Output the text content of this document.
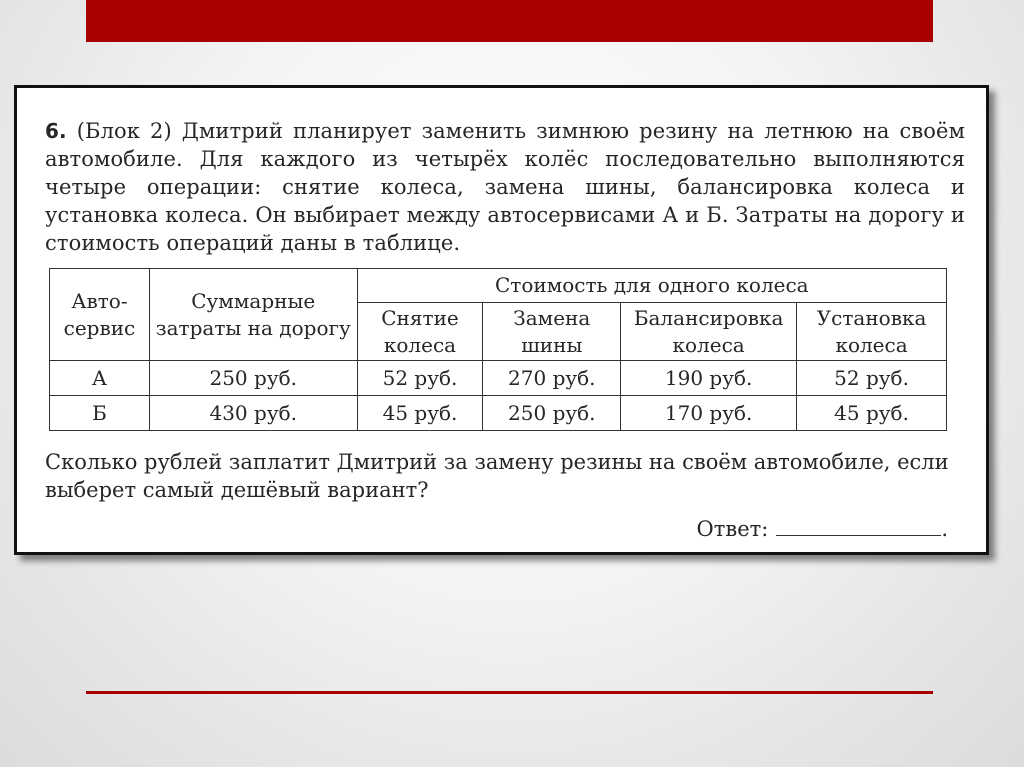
6. (Блок 2) Дмитрий планирует заменить зимнюю резину на летнюю на своём автомобиле. Для каждого из четырёх колёс последовательно выполняются четыре операции: снятие колеса, замена шины, балансировка колеса и установка колеса. Он выбирает между автосервисами А и Б. Затраты на дорогу и стоимость операций даны в таблице.
Авто-сервис	Суммарные затраты на дорогу	Стоимость для одного колеса			
		Снятие колеса	Замена шины	Балансировка колеса	Установка колеса
А	250 руб.	52 руб.	270 руб.	190 руб.	52 руб.
Б	430 руб.	45 руб.	250 руб.	170 руб.	45 руб.
Сколько рублей заплатит Дмитрий за замену резины на своём автомобиле, если выберет самый дешёвый вариант?
Ответ:	.
